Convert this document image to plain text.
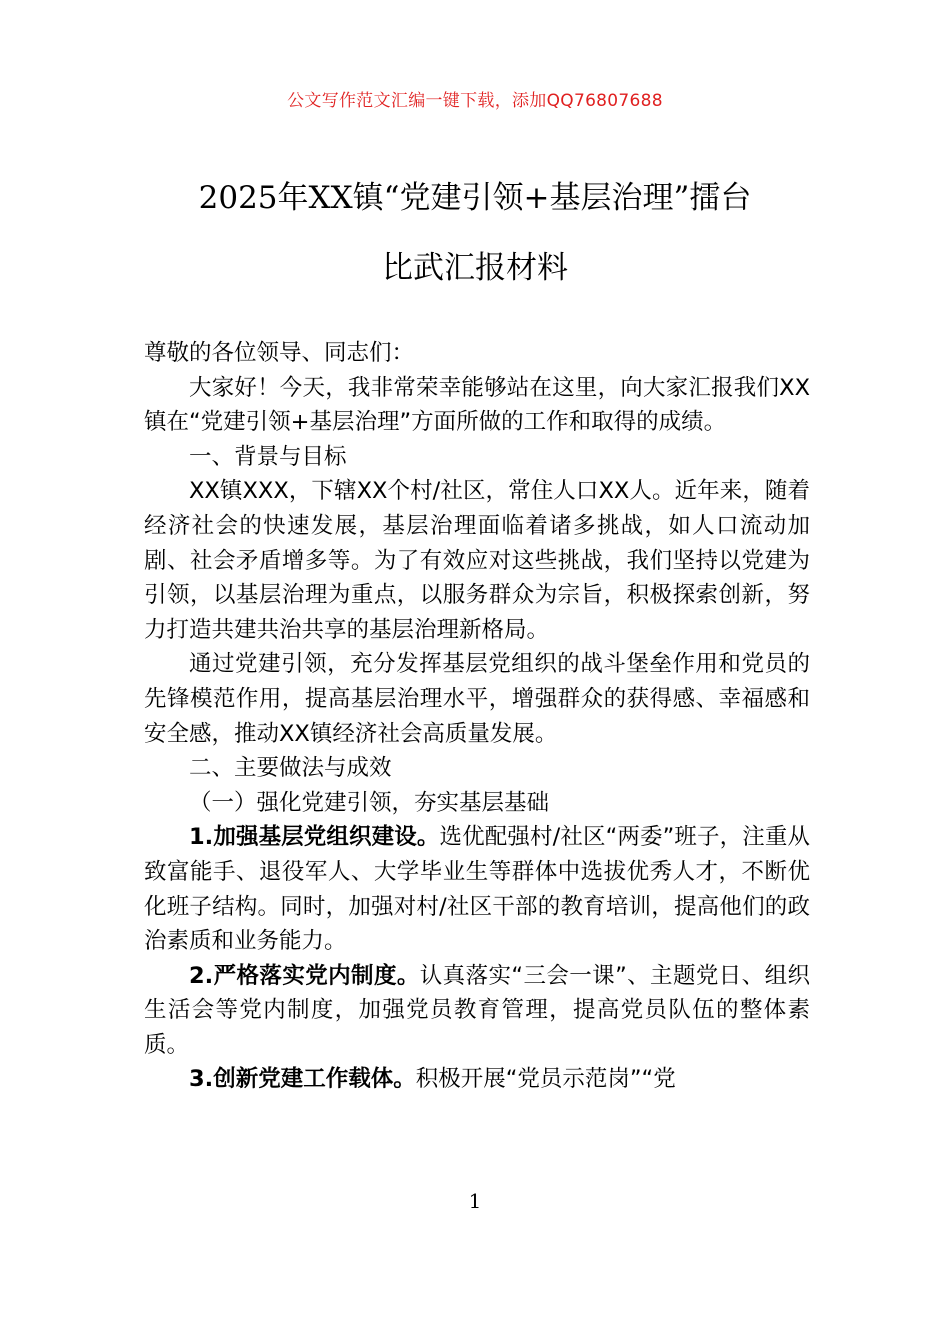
公文写作范文汇编一键下载，添加QQ76807688
2025年XX镇“党建引领+基层治理”擂台
比武汇报材料

尊敬的各位领导、同志们：

大家好！今天，我非常荣幸能够站在这里，向大家汇报我们XX镇在“党建引领+基层治理”方面所做的工作和取得的成绩。

一、背景与目标

XX镇XXX，下辖XX个村/社区，常住人口XX人。近年来，随着经济社会的快速发展，基层治理面临着诸多挑战，如人口流动加剧、社会矛盾增多等。为了有效应对这些挑战，我们坚持以党建为引领，以基层治理为重点，以服务群众为宗旨，积极探索创新，努力打造共建共治共享的基层治理新格局。

通过党建引领，充分发挥基层党组织的战斗堡垒作用和党员的先锋模范作用，提高基层治理水平，增强群众的获得感、幸福感和安全感，推动XX镇经济社会高质量发展。

二、主要做法与成效

（一）强化党建引领，夯实基层基础

1.加强基层党组织建设。选优配强村/社区“两委”班子，注重从致富能手、退役军人、大学毕业生等群体中选拔优秀人才，不断优化班子结构。同时，加强对村/社区干部的教育培训，提高他们的政治素质和业务能力。

2.严格落实党内制度。认真落实“三会一课”、主题党日、组织生活会等党内制度，加强党员教育管理，提高党员队伍的整体素质。

3.创新党建工作载体。积极开展“党员示范岗”“党

1
